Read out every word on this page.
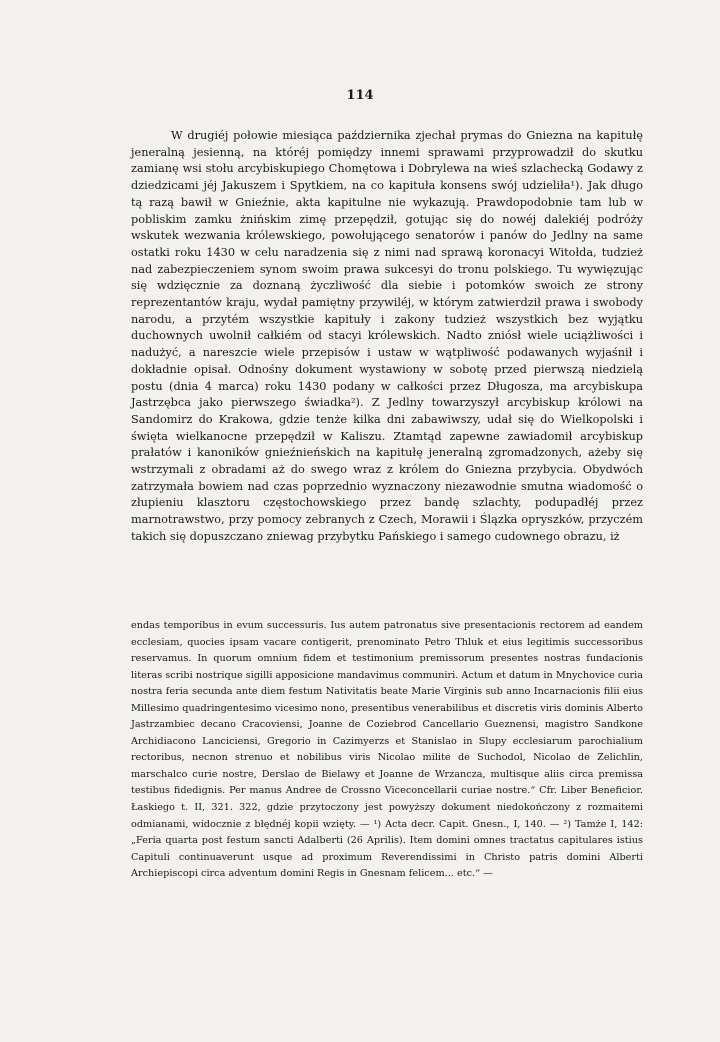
114

W drugiéj połowie miesiąca października zjechał prymas do Gniezna na kapitułę jeneralną jesienną, na któréj pomiędzy innemi sprawami przyprowadził do skutku zamianę wsi stołu arcybiskupiego Chomętowa i Dobrylewa na wieś szlachecką Godawy z dziedzicami jéj Jakuszem i Spytkiem, na co kapituła konsens swój udzieliła¹). Jak długo tą razą bawił w Gnieźnie, akta kapitulne nie wykazują. Prawdopodobnie tam lub w pobliskim zamku żnińskim zimę przepędził, gotując się do nowéj dalekiéj podróży wskutek wezwania królewskiego, powołującego senatorów i panów do Jedlny na same ostatki roku 1430 w celu naradzenia się z nimi nad sprawą koronacyi Witołda, tudzież nad zabezpieczeniem synom swoim prawa sukcesyi do tronu polskiego. Tu wywięzując się wdzięcznie za doznaną życzliwość dla siebie i potomków swoich ze strony reprezentantów kraju, wydał pamiętny przywiléj, w którym zatwierdził prawa i swobody narodu, a przytém wszystkie kapituły i zakony tudzież wszystkich bez wyjątku duchownych uwolnił całkiém od stacyi królewskich. Nadto zniósł wiele uciążliwości i nadużyć, a nareszcie wiele przepisów i ustaw w wątpliwość podawanych wyjaśnił i dokładnie opisał. Odnośny dokument wystawiony w sobotę przed pierwszą niedzielą postu (dnia 4 marca) roku 1430 podany w całkości przez Długosza, ma arcybiskupa Jastrzębca jako pierwszego świadka²). Z Jedlny towarzyszył arcybiskup królowi na Sandomirz do Krakowa, gdzie tenże kilka dni zabawiwszy, udał się do Wielkopolski i święta wielkanocne przepędził w Kaliszu. Ztamtąd zapewne zawiadomił arcybiskup prałatów i kanoników gnieźnieńskich na kapitułę jeneralną zgromadzonych, ażeby się wstrzymali z obradami aż do swego wraz z królem do Gniezna przybycia. Obydwóch zatrzymała bowiem nad czas poprzednio wyznaczony niezawodnie smutna wiadomość o złupieniu klasztoru częstochowskiego przez bandę szlachty, podupadłéj przez marnotrawstwo, przy pomocy zebranych z Czech, Morawii i Ślązka opryszków, przyczém takich się dopuszczano zniewag przybytku Pańskiego i samego cudownego obrazu, iż

endas temporibus in evum successuris. Ius autem patronatus sive presentacionis rectorem ad eandem ecclesiam, quocies ipsam vacare contigerit, prenominato Petro Thluk et eius legitimis successoribus reservamus. In quorum omnium fidem et testimonium premissorum presentes nostras fundacionis literas scribi nostrique sigilli apposicione mandavimus communiri. Actum et datum in Mnychovice curia nostra feria secunda ante diem festum Nativitatis beate Marie Virginis sub anno Incarnacionis filii eius Millesimo quadringentesimo vicesimo nono, presentibus venerabilibus et discretis viris dominis Alberto Jastrzambiec decano Cracoviensi, Joanne de Coziebrod Cancellario Gueznensi, magistro Sandkone Archidiacono Lanciciensi, Gregorio in Cazimyerzs et Stanislao in Slupy ecclesiarum parochialium rectoribus, necnon strenuo et nobilibus viris Nicolao milite de Suchodol, Nicolao de Zelichlin, marschalco curie nostre, Derslao de Bielawy et Joanne de Wrzancza, multisque aliis circa premissa testibus fidedignis. Per manus Andree de Crossno Viceconcellarii curiae nostre.“ Cfr. Liber Beneficior. Łaskiego t. II, 321. 322, gdzie przytoczony jest powyższy dokument niedokończony z rozmaitemi odmianami, widocznie z błędnéj kopii wzięty. — ¹) Acta decr. Capit. Gnesn., I, 140. — ²) Tamże I, 142: „Feria quarta post festum sancti Adalberti (26 Aprilis). Item domini omnes tractatus capitulares istius Capituli continuaverunt usque ad proximum Reverendissimi in Christo patris domini Alberti Archiepiscopi circa adventum domini Regis in Gnesnam felicem... etc.“ —
